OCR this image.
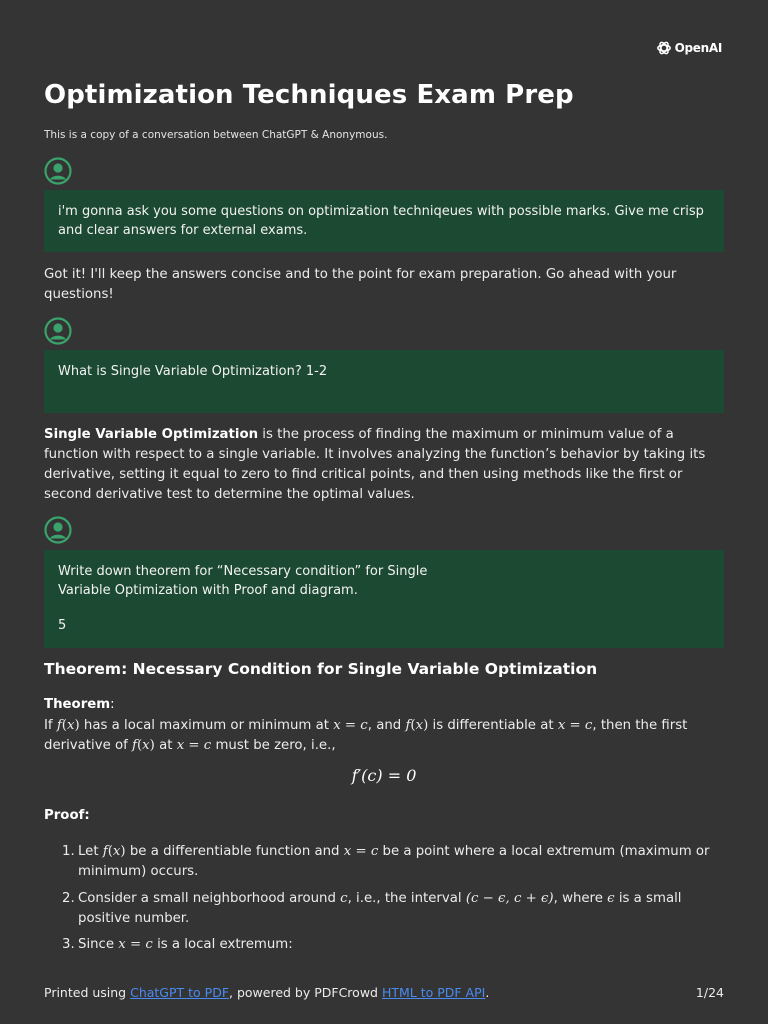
OpenAI
Optimization Techniques Exam Prep

This is a copy of a conversation between ChatGPT & Anonymous.

i'm gonna ask you some questions on optimization techniqeues with possible marks. Give me crisp and clear answers for external exams.

Got it! I'll keep the answers concise and to the point for exam preparation. Go ahead with your questions!

What is Single Variable Optimization? 1-2

Single Variable Optimization is the process of finding the maximum or minimum value of a function with respect to a single variable. It involves analyzing the function’s behavior by taking its derivative, setting it equal to zero to find critical points, and then using methods like the first or second derivative test to determine the optimal values.

Write down theorem for “Necessary condition” for Single

Variable Optimization with Proof and diagram.

5

Theorem: Necessary Condition for Single Variable Optimization

Theorem:

If f(x) has a local maximum or minimum at x = c, and f(x) is differentiable at x = c, then the first derivative of f(x) at x = c must be zero, i.e.,

f′(c) = 0

Proof:

1. Let f(x) be a differentiable function and x = c be a point where a local extremum (maximum or minimum) occurs.
2. Consider a small neighborhood around c, i.e., the interval (c − ϵ, c + ϵ), where ϵ is a small positive number.
3. Since x = c is a local extremum:
Printed using ChatGPT to PDF, powered by PDFCrowd HTML to PDF API.	1/24
